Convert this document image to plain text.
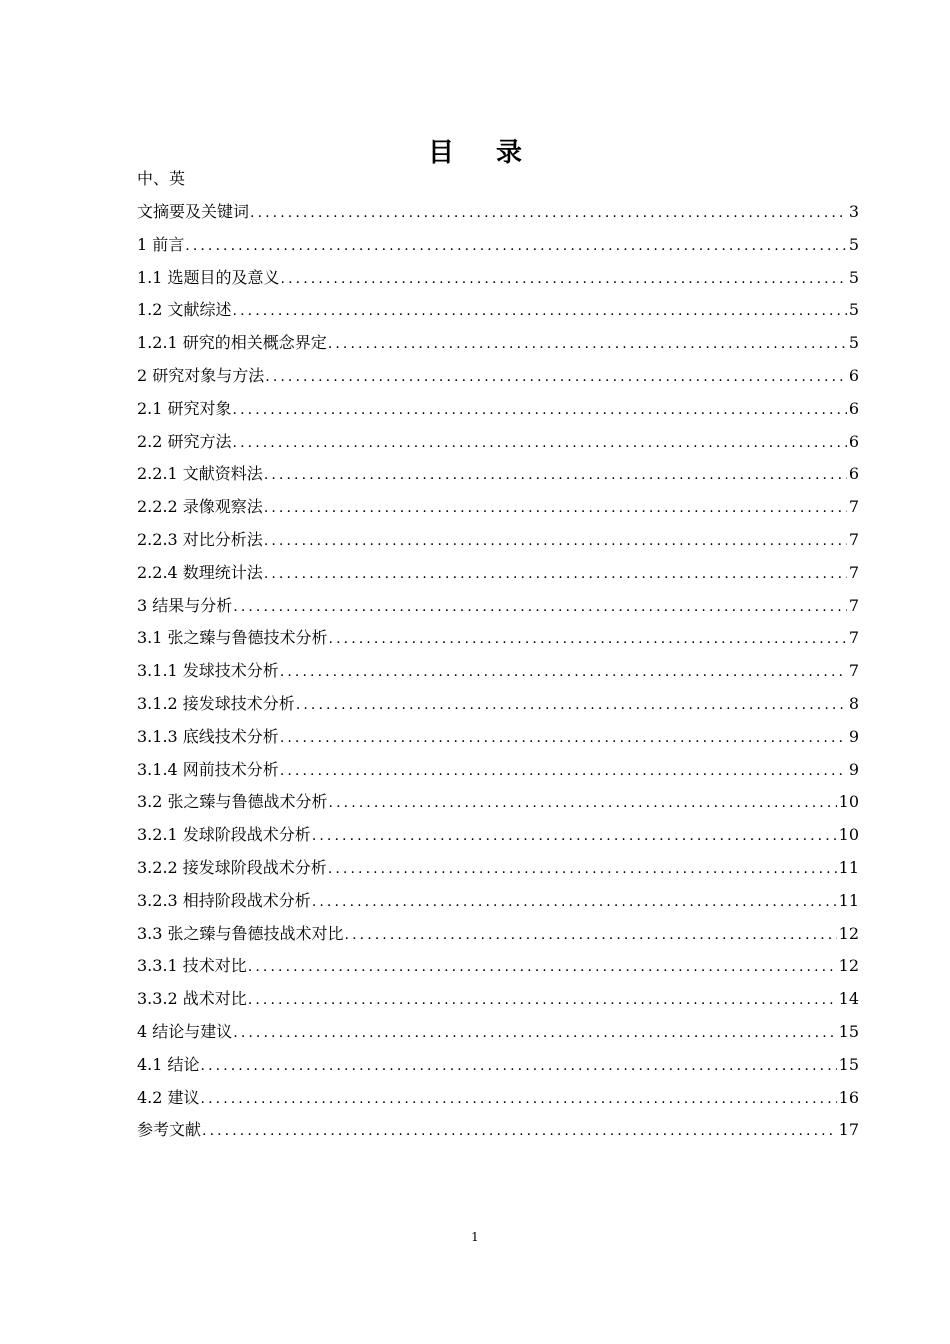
目录
中、英
文摘要及关键词 .....	3
1 前言 .....	5
1.1 选题目的及意义 .....	5
1.2 文献综述 .....	5
1.2.1 研究的相关概念界定 .....	5
2 研究对象与方法 .....	6
2.1 研究对象 .....	6
2.2 研究方法 .....	6
2.2.1 文献资料法 .....	6
2.2.2 录像观察法 .....	7
2.2.3 对比分析法 .....	7
2.2.4 数理统计法 .....	7
3 结果与分析 .....	7
3.1 张之臻与鲁德技术分析 .....	7
3.1.1 发球技术分析 .....	7
3.1.2 接发球技术分析 .....	8
3.1.3 底线技术分析 .....	9
3.1.4 网前技术分析 .....	9
3.2 张之臻与鲁德战术分析 .....	10
3.2.1 发球阶段战术分析 .....	10
3.2.2 接发球阶段战术分析 .....	11
3.2.3 相持阶段战术分析 .....	11
3.3 张之臻与鲁德技战术对比 .....	12
3.3.1 技术对比 .....	12
3.3.2 战术对比 .....	14
4 结论与建议 .....	15
4.1 结论 .....	15
4.2 建议 .....	16
参考文献 .....	17
1
